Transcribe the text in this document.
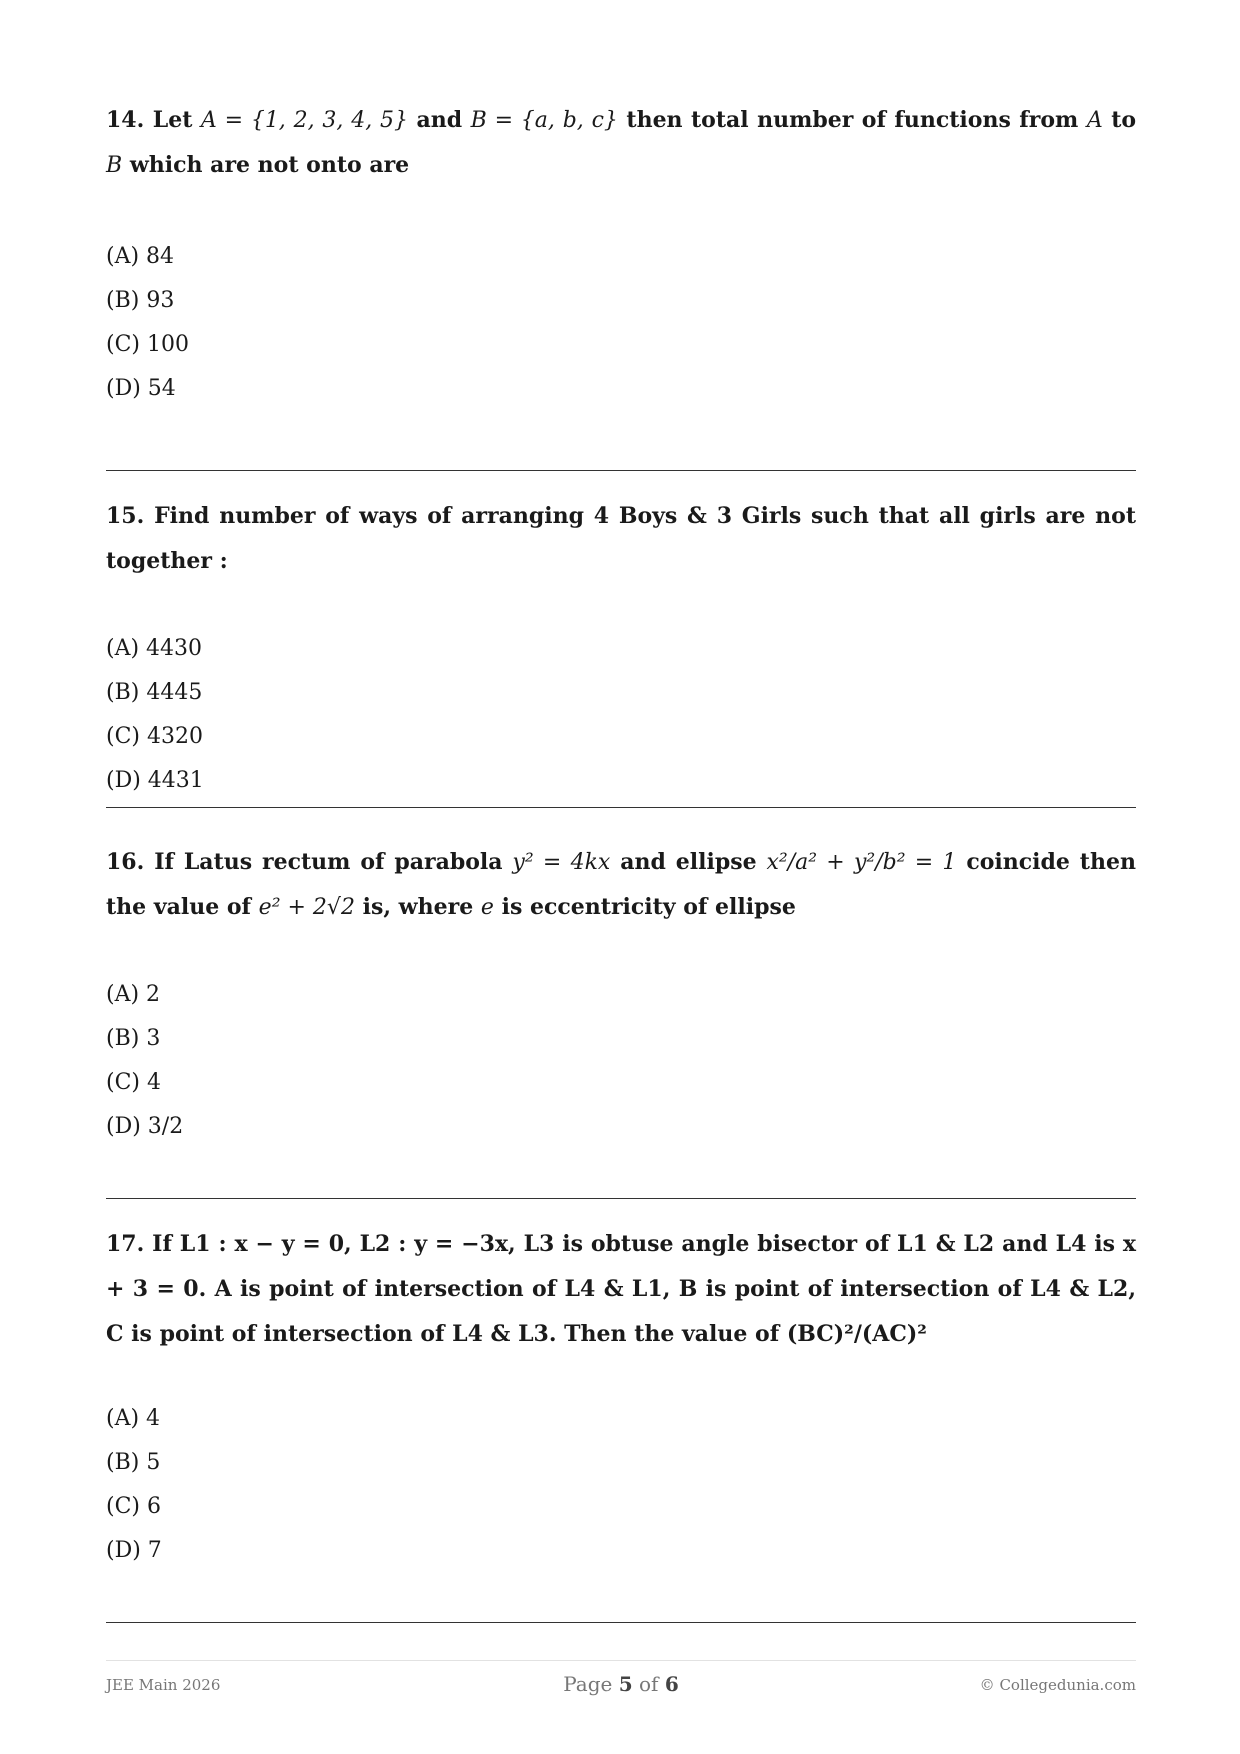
14. Let A = {1, 2, 3, 4, 5} and B = {a, b, c} then total number of functions from A to B which are not onto are

(A) 84
(B) 93
(C) 100
(D) 54

15. Find number of ways of arranging 4 Boys & 3 Girls such that all girls are not together :

(A) 4430
(B) 4445
(C) 4320
(D) 4431

16. If Latus rectum of parabola y² = 4kx and ellipse x²/a² + y²/b² = 1 coincide then the value of e² + 2√2 is, where e is eccentricity of ellipse

(A) 2
(B) 3
(C) 4
(D) 3/2

17. If L1 : x − y = 0, L2 : y = −3x, L3 is obtuse angle bisector of L1 & L2 and L4 is x + 3 = 0. A is point of intersection of L4 & L1, B is point of intersection of L4 & L2, C is point of intersection of L4 & L3. Then the value of (BC)²/(AC)²

(A) 4
(B) 5
(C) 6
(D) 7
JEE Main 2026	Page 5 of 6	© Collegedunia.com
